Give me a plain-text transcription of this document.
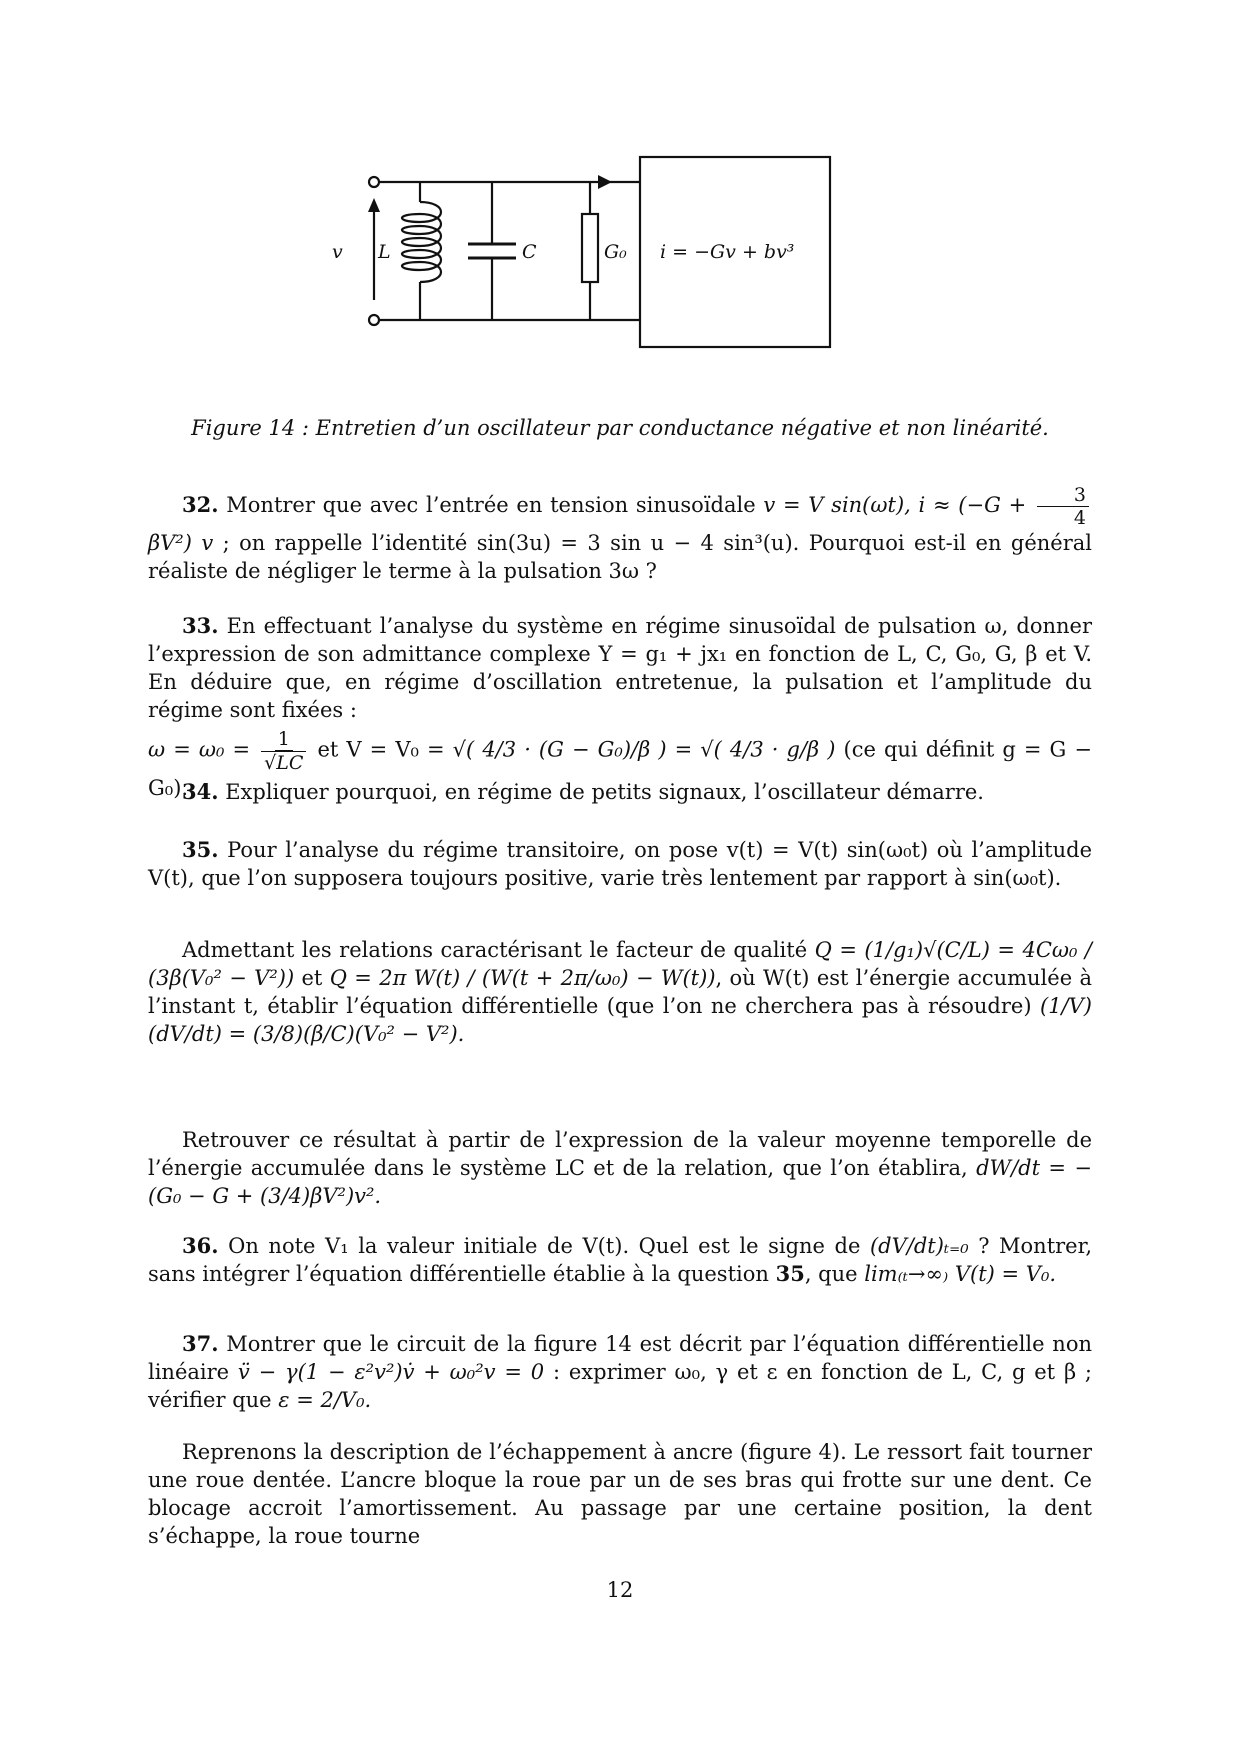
v L	C	G₀ i = −Gv + bv³
Figure 14 : Entretien d’un oscillateur par conductance négative et non linéarité.
32. Montrer que avec l’entrée en tension sinusoïdale v = V sin(ωt), $i \approx (-G + \frac{3}{4}$
βV²) v ; on rappelle l’identité sin(3u) = 3 sin u − 4 sin³(u). Pourquoi est-il en général réaliste de négliger le terme à la pulsation 3ω ?
33. En effectuant l’analyse du système en régime sinusoïdal de pulsation ω, donner l’expression de son admittance complexe Y = g₁ + jx₁ en fonction de L, C, G₀, G, β et V. En déduire que, en régime d’oscillation entretenue, la pulsation et l’amplitude du régime sont fixées :
$\omega = \omega_0 = \frac{1}{√LC}$ et V = V₀ = √( 4/3 · (G − G₀)/β ) = √( 4/3 · g/β ) (ce qui définit g = G − G₀).
34. Expliquer pourquoi, en régime de petits signaux, l’oscillateur démarre.
35. Pour l’analyse du régime transitoire, on pose v(t) = V(t) sin(ω₀t) où l’amplitude V(t), que l’on supposera toujours positive, varie très lentement par rapport à sin(ω₀t).
Admettant les relations caractérisant le facteur de qualité Q = (1/g₁)√(C/L) = 4Cω₀ / (3β(V₀² − V²)) et Q = 2π W(t) / (W(t + 2π/ω₀) − W(t)), où W(t) est l’énergie accumulée à l’instant t, établir l’équation différentielle (que l’on ne cherchera pas à résoudre) (1/V)(dV/dt) = (3/8)(β/C)(V₀² − V²).
Retrouver ce résultat à partir de l’expression de la valeur moyenne temporelle de l’énergie accumulée dans le système LC et de la relation, que l’on établira, dW/dt = −(G₀ − G + (3/4)βV²)v².
36. On note V₁ la valeur initiale de V(t). Quel est le signe de (dV/dt)ₜ₌₀ ? Montrer, sans intégrer l’équation différentielle établie à la question 35, que lim₍ₜ→∞₎ V(t) = V₀.
37. Montrer que le circuit de la figure 14 est décrit par l’équation différentielle non linéaire v̈ − γ(1 − ε²v²)v̇ + ω₀²v = 0 : exprimer ω₀, γ et ε en fonction de L, C, g et β ; vérifier que ε = 2/V₀.
Reprenons la description de l’échappement à ancre (figure 4). Le ressort fait tourner une roue dentée. L’ancre bloque la roue par un de ses bras qui frotte sur une dent. Ce blocage accroit l’amortissement. Au passage par une certaine position, la dent s’échappe, la roue tourne
12
